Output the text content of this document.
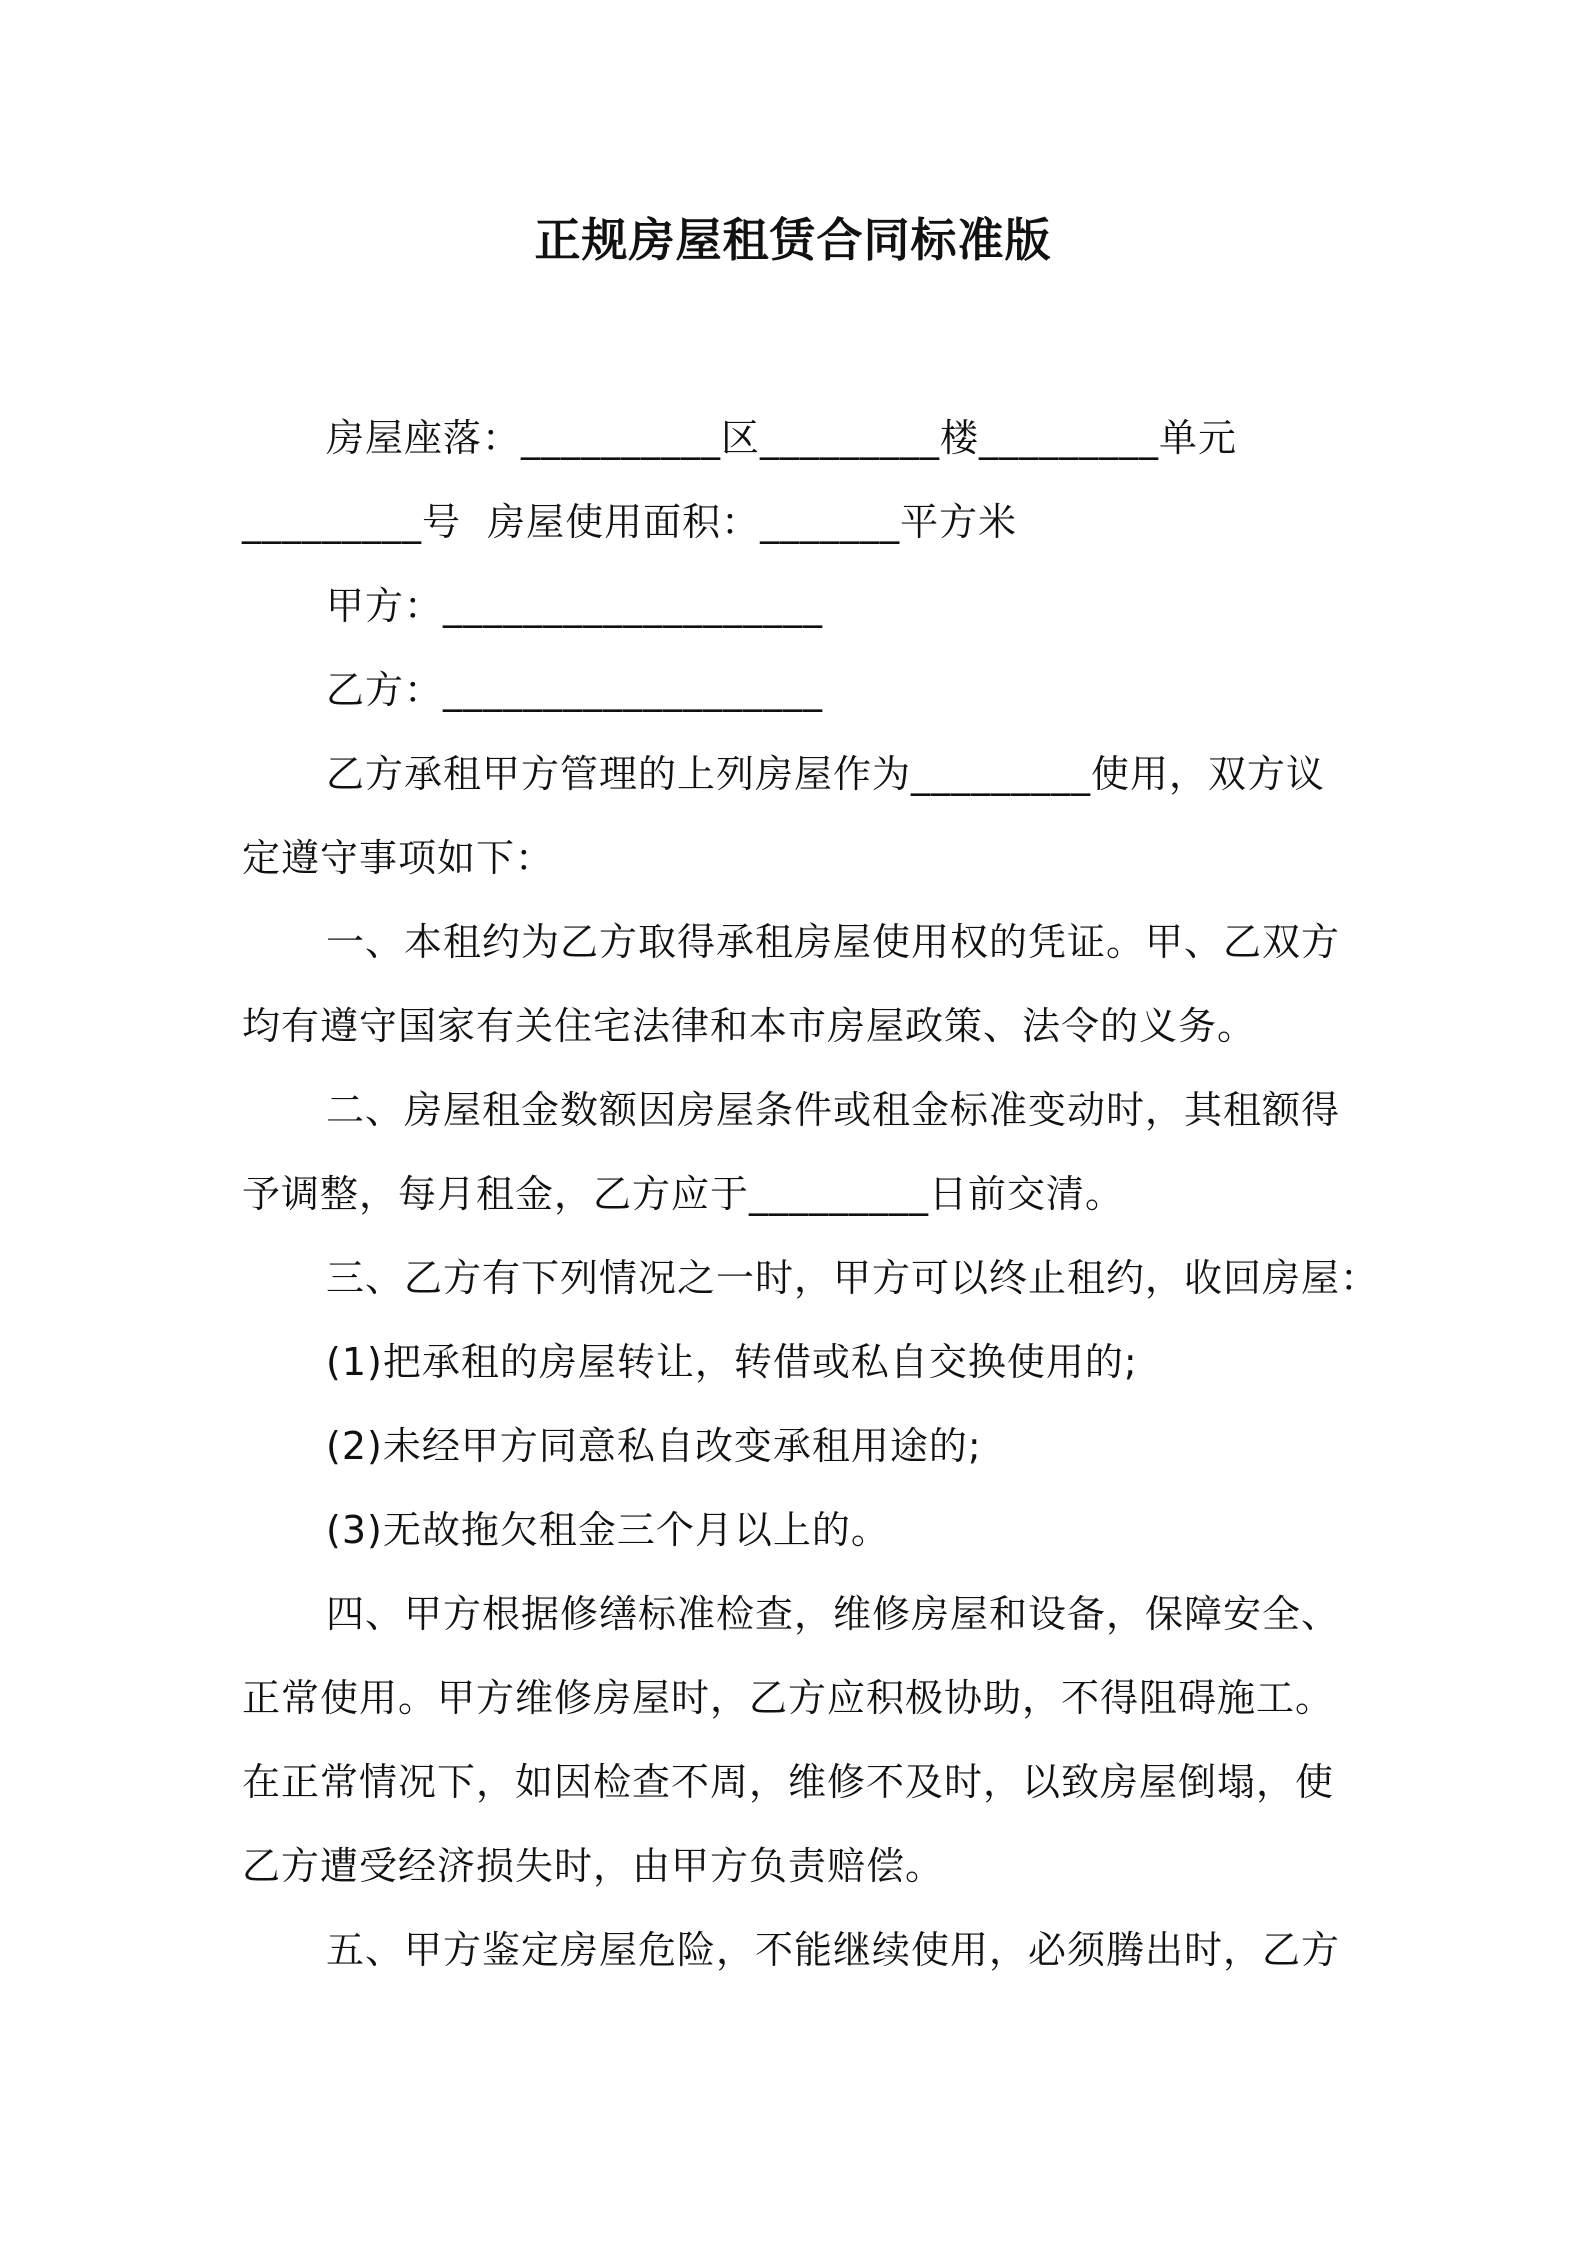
正规房屋租赁合同标准版
房屋座落：__________区_________楼_________单元
_________号  房屋使用面积：_______平方米
甲方：___________________
乙方：___________________
乙方承租甲方管理的上列房屋作为_________使用，双方议
定遵守事项如下：
一、本租约为乙方取得承租房屋使用权的凭证。甲、乙双方
均有遵守国家有关住宅法律和本市房屋政策、法令的义务。
二、房屋租金数额因房屋条件或租金标准变动时，其租额得
予调整，每月租金，乙方应于_________日前交清。
三、乙方有下列情况之一时，甲方可以终止租约，收回房屋：
(1)把承租的房屋转让，转借或私自交换使用的;
(2)未经甲方同意私自改变承租用途的;
(3)无故拖欠租金三个月以上的。
四、甲方根据修缮标准检查，维修房屋和设备，保障安全、
正常使用。甲方维修房屋时，乙方应积极协助，不得阻碍施工。
在正常情况下，如因检查不周，维修不及时，以致房屋倒塌，使
乙方遭受经济损失时，由甲方负责赔偿。
五、甲方鉴定房屋危险，不能继续使用，必须腾出时，乙方
